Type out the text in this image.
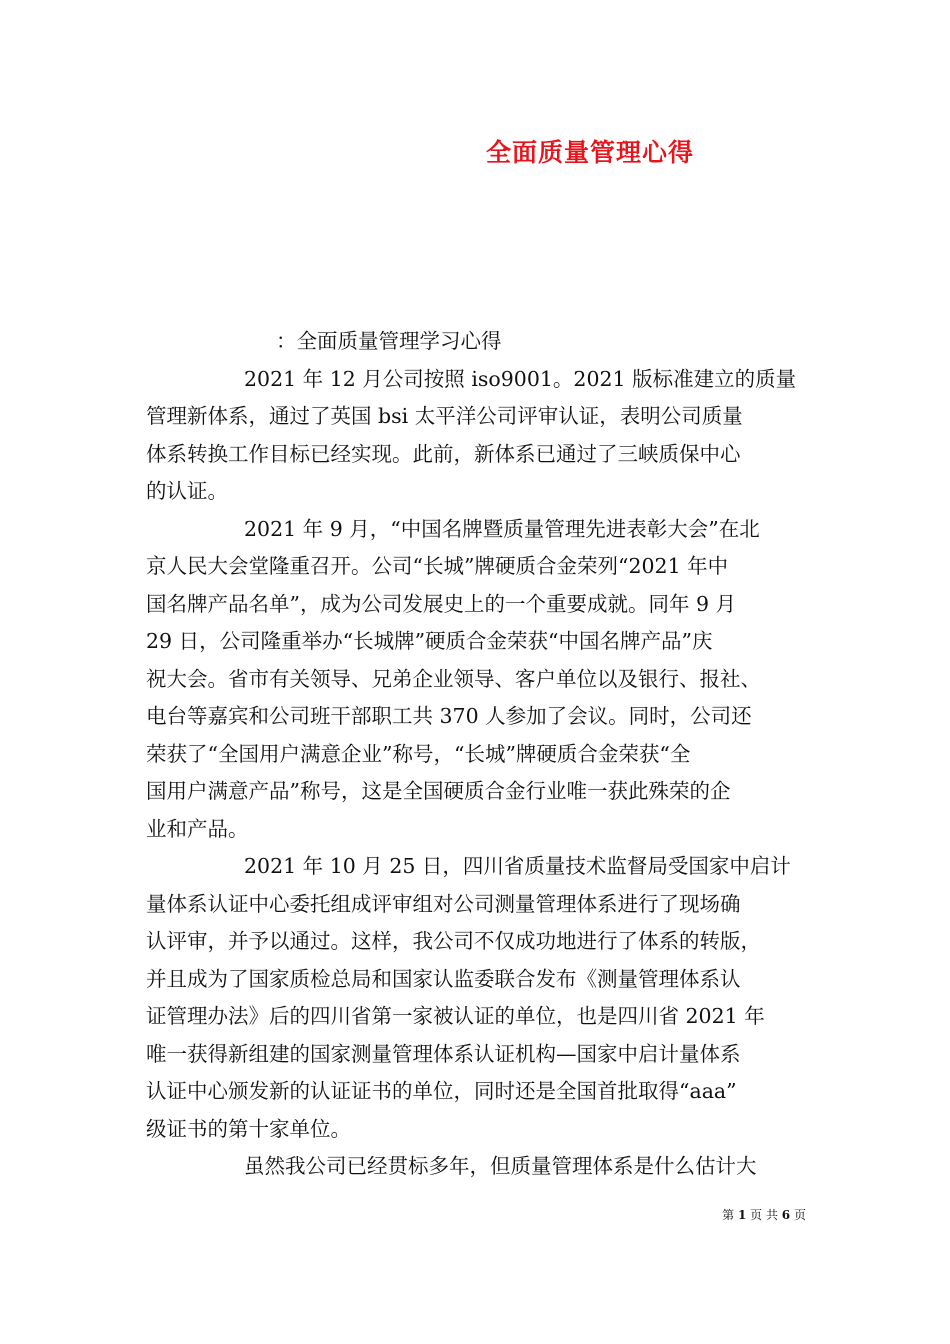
全面质量管理心得
：全面质量管理学习心得
2021 年 12 月公司按照 iso9001。2021 版标准建立的质量
管理新体系，通过了英国 bsi 太平洋公司评审认证，表明公司质量
体系转换工作目标已经实现。此前，新体系已通过了三峡质保中心
的认证。
2021 年 9 月，“中国名牌暨质量管理先进表彰大会”在北
京人民大会堂隆重召开。公司“长城”牌硬质合金荣列“2021 年中
国名牌产品名单”，成为公司发展史上的一个重要成就。同年 9 月
29 日，公司隆重举办“长城牌”硬质合金荣获“中国名牌产品”庆
祝大会。省市有关领导、兄弟企业领导、客户单位以及银行、报社、
电台等嘉宾和公司班干部职工共 370 人参加了会议。同时，公司还
荣获了“全国用户满意企业”称号，“长城”牌硬质合金荣获“全
国用户满意产品”称号，这是全国硬质合金行业唯一获此殊荣的企
业和产品。
2021 年 10 月 25 日，四川省质量技术监督局受国家中启计
量体系认证中心委托组成评审组对公司测量管理体系进行了现场确
认评审，并予以通过。这样，我公司不仅成功地进行了体系的转版，
并且成为了国家质检总局和国家认监委联合发布《测量管理体系认
证管理办法》后的四川省第一家被认证的单位，也是四川省 2021 年
唯一获得新组建的国家测量管理体系认证机构—国家中启计量体系
认证中心颁发新的认证证书的单位，同时还是全国首批取得“aaa”
级证书的第十家单位。
虽然我公司已经贯标多年，但质量管理体系是什么估计大
第 1 页 共 6 页
